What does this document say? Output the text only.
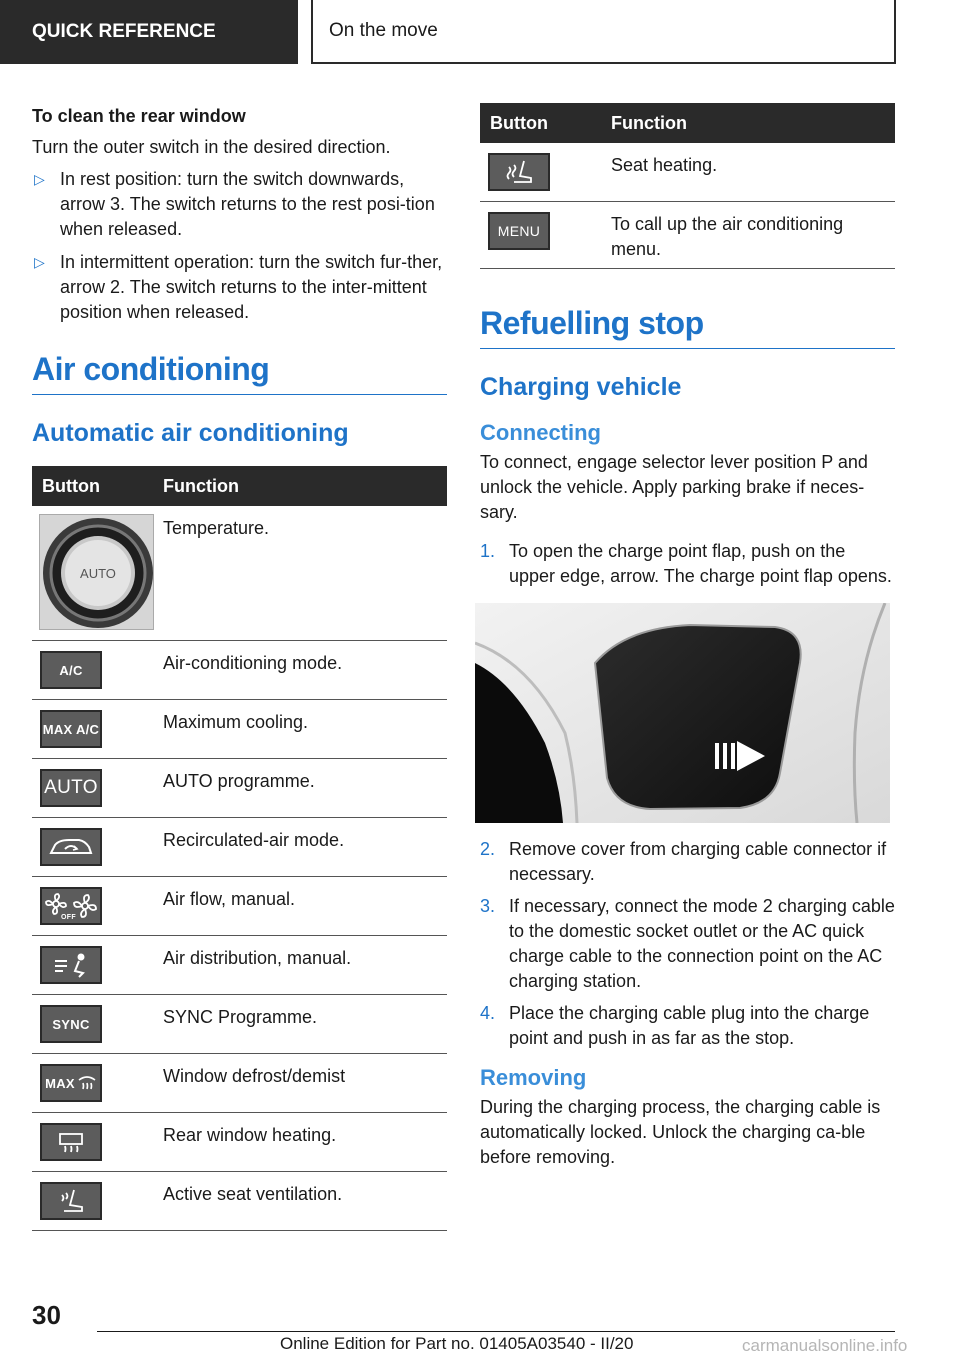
QUICK REFERENCE	On the move
To clean the rear window
Turn the outer switch in the desired direction.
▷ In rest position: turn the switch downwards, arrow 3. The switch returns to the rest posi-tion when released.
▷ In intermittent operation: turn the switch fur-ther, arrow 2. The switch returns to the inter-mittent position when released.
Air conditioning
Automatic air conditioning
Button	Function

AUTO	Temperature.

A/C	Air-conditioning mode.

MAX A/C	Maximum cooling.

AUTO	AUTO programme.

	Recirculated-air mode.

OFF	Air flow, manual.

	Air distribution, manual.

SYNC	SYNC Programme.

MAX	Window defrost/demist

	Rear window heating.

	Active seat ventilation.
Button	Function

	Seat heating.

MENU	To call up the air conditioning menu.
Refuelling stop
Charging vehicle
Connecting
To connect, engage selector lever position P and unlock the vehicle. Apply parking brake if neces-sary.
1. To open the charge point flap, push on the upper edge, arrow. The charge point flap opens.
2. Remove cover from charging cable connector if necessary.
3. If necessary, connect the mode 2 charging cable to the domestic socket outlet or the AC quick charge cable to the connection point on the AC charging station.
4. Place the charging cable plug into the charge point and push in as far as the stop.
Removing
During the charging process, the charging cable is automatically locked. Unlock the charging ca-ble before removing.
30
Online Edition for Part no. 01405A03540 - II/20	carmanualsonline.info
